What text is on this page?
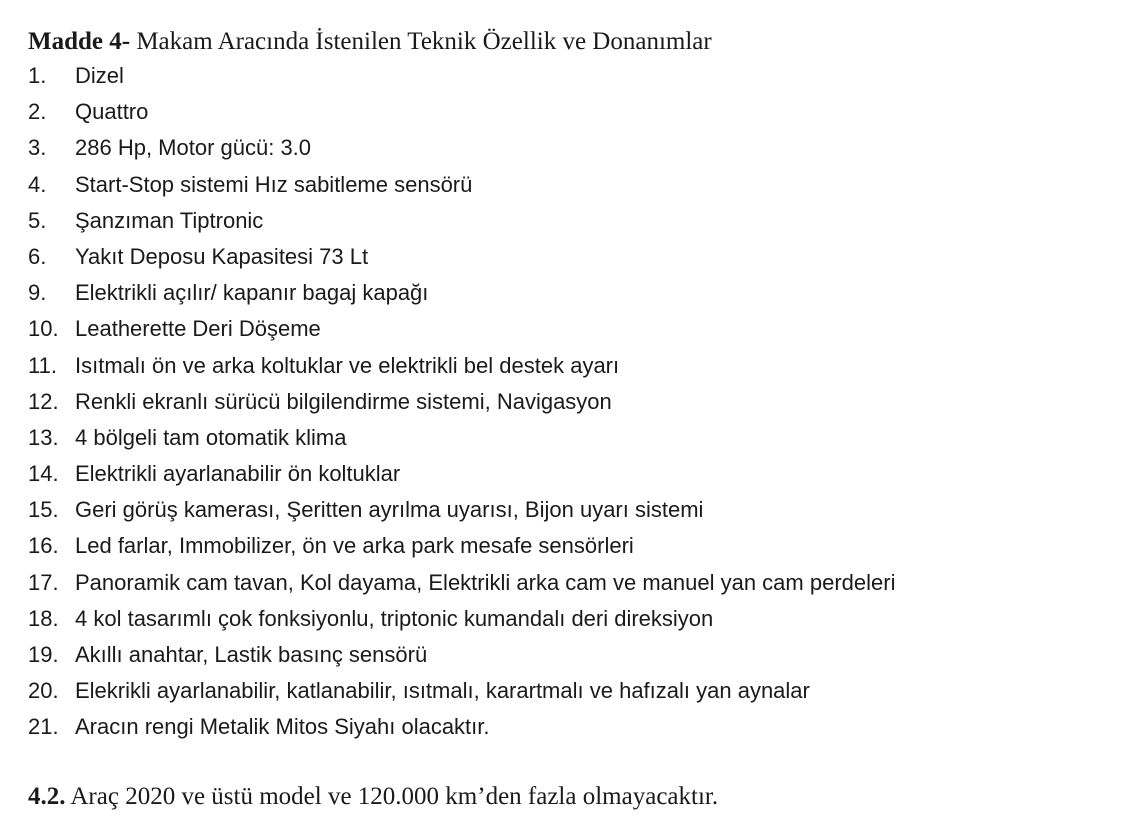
Madde 4- Makam Aracında İstenilen Teknik Özellik ve Donanımlar
1.	Dizel
2.	Quattro
3.	286 Hp, Motor gücü: 3.0
4.	Start-Stop sistemi Hız sabitleme sensörü
5.	Şanzıman Tiptronic
6.	Yakıt Deposu Kapasitesi 73 Lt
9.	Elektrikli açılır/ kapanır bagaj kapağı
10. Leatherette Deri Döşeme
11. Isıtmalı ön ve arka koltuklar ve elektrikli bel destek ayarı
12. Renkli ekranlı sürücü bilgilendirme sistemi, Navigasyon
13. 4 bölgeli tam otomatik klima
14. Elektrikli ayarlanabilir ön koltuklar
15. Geri görüş kamerası, Şeritten ayrılma uyarısı, Bijon uyarı sistemi
16. Led farlar, Immobilizer, ön ve arka park mesafe sensörleri
17. Panoramik cam tavan, Kol dayama, Elektrikli arka cam ve manuel yan cam perdeleri
18. 4 kol tasarımlı çok fonksiyonlu, triptonic kumandalı deri direksiyon
19. Akıllı anahtar, Lastik basınç sensörü
20. Elekrikli ayarlanabilir, katlanabilir, ısıtmalı, karartmalı ve hafızalı yan aynalar
21. Aracın rengi Metalik Mitos Siyahı olacaktır.
4.2. Araç 2020 ve üstü model ve 120.000 km’den fazla olmayacaktır.
